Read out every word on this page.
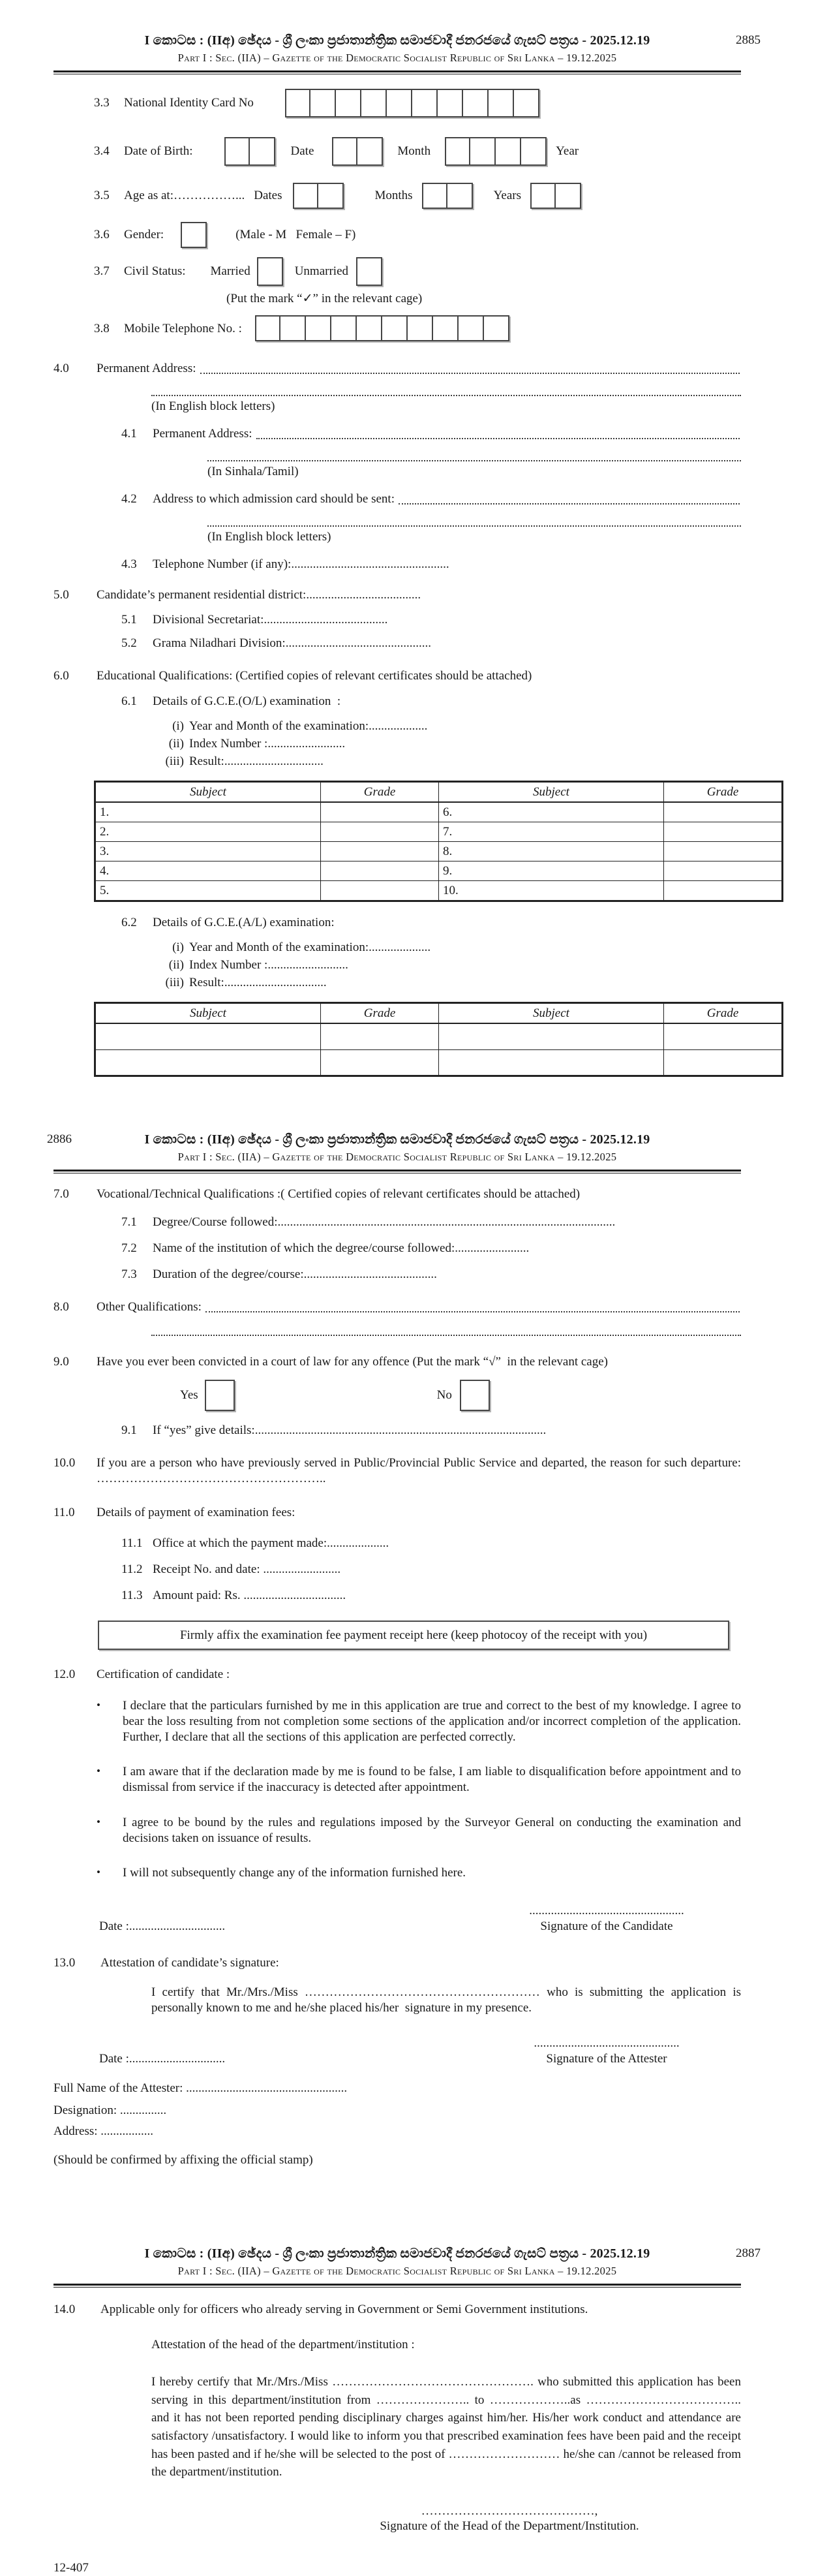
I කොටස : (IIඅ) ඡේදය - ශ්‍රී ලංකා ප්‍රජාතාන්ත්‍රික සමාජවාදී ජනරජයේ ගැසට් පත්‍රය - 2025.12.19
Part I : Sec. (IIA) – Gazette of the Democratic Socialist Republic of Sri Lanka – 19.12.2025
2885
3.3	National Identity Card No
3.4	Date of Birth:	Date	Month	Year
3.5	Age as at:……………... Dates	Months	Years
3.6	Gender:	(Male - M   Female – F)
3.7	Civil Status: Married	Unmarried
(Put the mark “✓” in the relevant cage)
3.8	Mobile Telephone No. :
4.0	Permanent Address:
(In English block letters)
4.1	Permanent Address:
(In Sinhala/Tamil)
4.2	Address to which admission card should be sent:
(In English block letters)
4.3	Telephone Number (if any): ...................................................
5.0	Candidate’s permanent residential district: .....................................
5.1	Divisional Secretariat: ........................................
5.2	Grama Niladhari Division: ...............................................
6.0	Educational Qualifications: (Certified copies of relevant certificates should be attached)
6.1	Details of G.C.E.(O/L) examination  :
(i) Year and Month of the examination: ...................
(ii) Index Number : .........................
(iii) Result: ................................
Subject	Grade	Subject	Grade
1.		6.	
2.		7.	
3.		8.	
4.		9.	
5.		10.	
6.2	Details of G.C.E.(A/L) examination:
(i) Year and Month of the examination: ....................
(ii) Index Number : ..........................
(iii) Result: .................................
Subject	Grade	Subject	Grade

I කොටස : (IIඅ) ඡේදය - ශ්‍රී ලංකා ප්‍රජාතාන්ත්‍රික සමාජවාදී ජනරජයේ ගැසට් පත්‍රය - 2025.12.19
Part I : Sec. (IIA) – Gazette of the Democratic Socialist Republic of Sri Lanka – 19.12.2025
2886
7.0	Vocational/Technical Qualifications :( Certified copies of relevant certificates should be attached)
7.1	Degree/Course followed: .............................................................................................................
7.2	Name of the institution of which the degree/course followed: ........................
7.3	Duration of the degree/course: ...........................................
8.0	Other Qualifications:
9.0	Have you ever been convicted in a court of law for any offence (Put the mark “√”  in the relevant cage)
Yes	No
9.1	If “yes” give details: ..............................................................................................
10.0	If you are a person who have previously served in Public/Provincial Public Service and departed, the reason for such departure: ………………………………………………..
11.0	Details of payment of examination fees:
11.1 Office at which the payment made:....................
11.2 Receipt No. and date: .........................
11.3 Amount paid: Rs. .................................
Firmly affix the examination fee payment receipt here (keep photocoy of the receipt with you)
12.0	Certification of candidate :
•	I declare that the particulars furnished by me in this application are true and correct to the best of my knowledge. I agree to bear the loss resulting from not completion some sections of the application and/or incorrect completion of the application.  Further, I declare that all the sections of this application are perfected correctly.
•	I am aware that if the declaration made by me is found to be false, I am liable to disqualification before appointment and to dismissal from service if the inaccuracy is detected after appointment.
•	I agree to be bound by the rules and regulations imposed by the Surveyor General on conducting the examination and decisions taken on issuance of results.
•	I will not subsequently change any of the information furnished here.
Date :...............................
..................................................
Signature of the Candidate
13.0	Attestation of candidate’s signature:
I certify that Mr./Mrs./Miss ………………………………………………… who is submitting the application is personally known to me and he/she placed his/her  signature in my presence.
Date :...............................
...............................................
Signature of the Attester
Full Name of the Attester: ....................................................
Designation: ...............
Address: .................
(Should be confirmed by affixing the official stamp)
I කොටස : (IIඅ) ඡේදය - ශ්‍රී ලංකා ප්‍රජාතාන්ත්‍රික සමාජවාදී ජනරජයේ ගැසට් පත්‍රය - 2025.12.19
Part I : Sec. (IIA) – Gazette of the Democratic Socialist Republic of Sri Lanka – 19.12.2025
2887
14.0	Applicable only for officers who already serving in Government or Semi Government institutions.
Attestation of the head of the department/institution :
I hereby certify that Mr./Mrs./Miss …………………………………………. who submitted this application has been serving in this department/institution from ………………….. to ………………..as ……………………………….. and it has not been reported pending disciplinary charges against him/her. His/her work conduct and attendance are satisfactory /unsatisfactory. I would like to inform you that prescribed examination fees have been paid and the receipt has been pasted and if he/she will be selected to the post of ……………………… he/she can /cannot be released from the department/institution.
……………………………………,
Signature of the Head of the Department/Institution.
12-407
